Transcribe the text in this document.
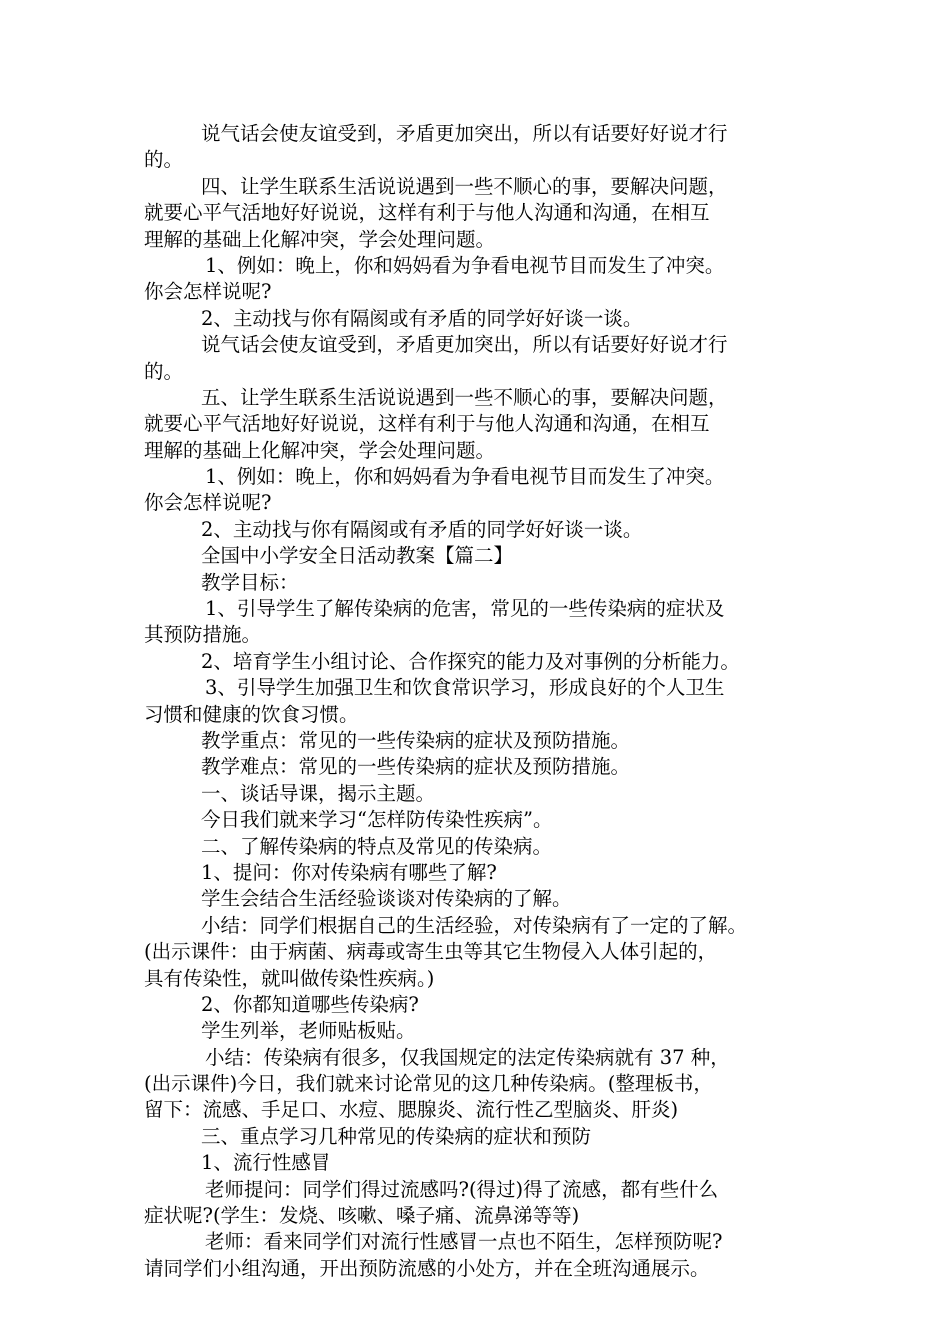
说气话会使友谊受到，矛盾更加突出，所以有话要好好说才行
的。
四、让学生联系生活说说遇到一些不顺心的事，要解决问题，
就要心平气活地好好说说，这样有利于与他人沟通和沟通，在相互
理解的基础上化解冲突，学会处理问题。
1、例如：晚上，你和妈妈看为争看电视节目而发生了冲突。
你会怎样说呢?
2、主动找与你有隔阂或有矛盾的同学好好谈一谈。
说气话会使友谊受到，矛盾更加突出，所以有话要好好说才行
的。
五、让学生联系生活说说遇到一些不顺心的事，要解决问题，
就要心平气活地好好说说，这样有利于与他人沟通和沟通，在相互
理解的基础上化解冲突，学会处理问题。
1、例如：晚上，你和妈妈看为争看电视节目而发生了冲突。
你会怎样说呢?
2、主动找与你有隔阂或有矛盾的同学好好谈一谈。
全国中小学安全日活动教案【篇二】
教学目标：
1、引导学生了解传染病的危害，常见的一些传染病的症状及
其预防措施。
2、培育学生小组讨论、合作探究的能力及对事例的分析能力。
3、引导学生加强卫生和饮食常识学习，形成良好的个人卫生
习惯和健康的饮食习惯。
教学重点：常见的一些传染病的症状及预防措施。
教学难点：常见的一些传染病的症状及预防措施。
一、谈话导课，揭示主题。
今日我们就来学习“怎样防传染性疾病”。
二、了解传染病的特点及常见的传染病。
1、提问：你对传染病有哪些了解?
学生会结合生活经验谈谈对传染病的了解。
小结：同学们根据自己的生活经验，对传染病有了一定的了解。
(出示课件：由于病菌、病毒或寄生虫等其它生物侵入人体引起的，
具有传染性，就叫做传染性疾病。)
2、你都知道哪些传染病?
学生列举，老师贴板贴。
小结：传染病有很多，仅我国规定的法定传染病就有 37 种，
(出示课件)今日，我们就来讨论常见的这几种传染病。(整理板书，
留下：流感、手足口、水痘、腮腺炎、流行性乙型脑炎、肝炎)
三、重点学习几种常见的传染病的症状和预防
1、流行性感冒
老师提问：同学们得过流感吗?(得过)得了流感，都有些什么
症状呢?(学生：发烧、咳嗽、嗓子痛、流鼻涕等等)
老师：看来同学们对流行性感冒一点也不陌生，怎样预防呢?
请同学们小组沟通，开出预防流感的小处方，并在全班沟通展示。
